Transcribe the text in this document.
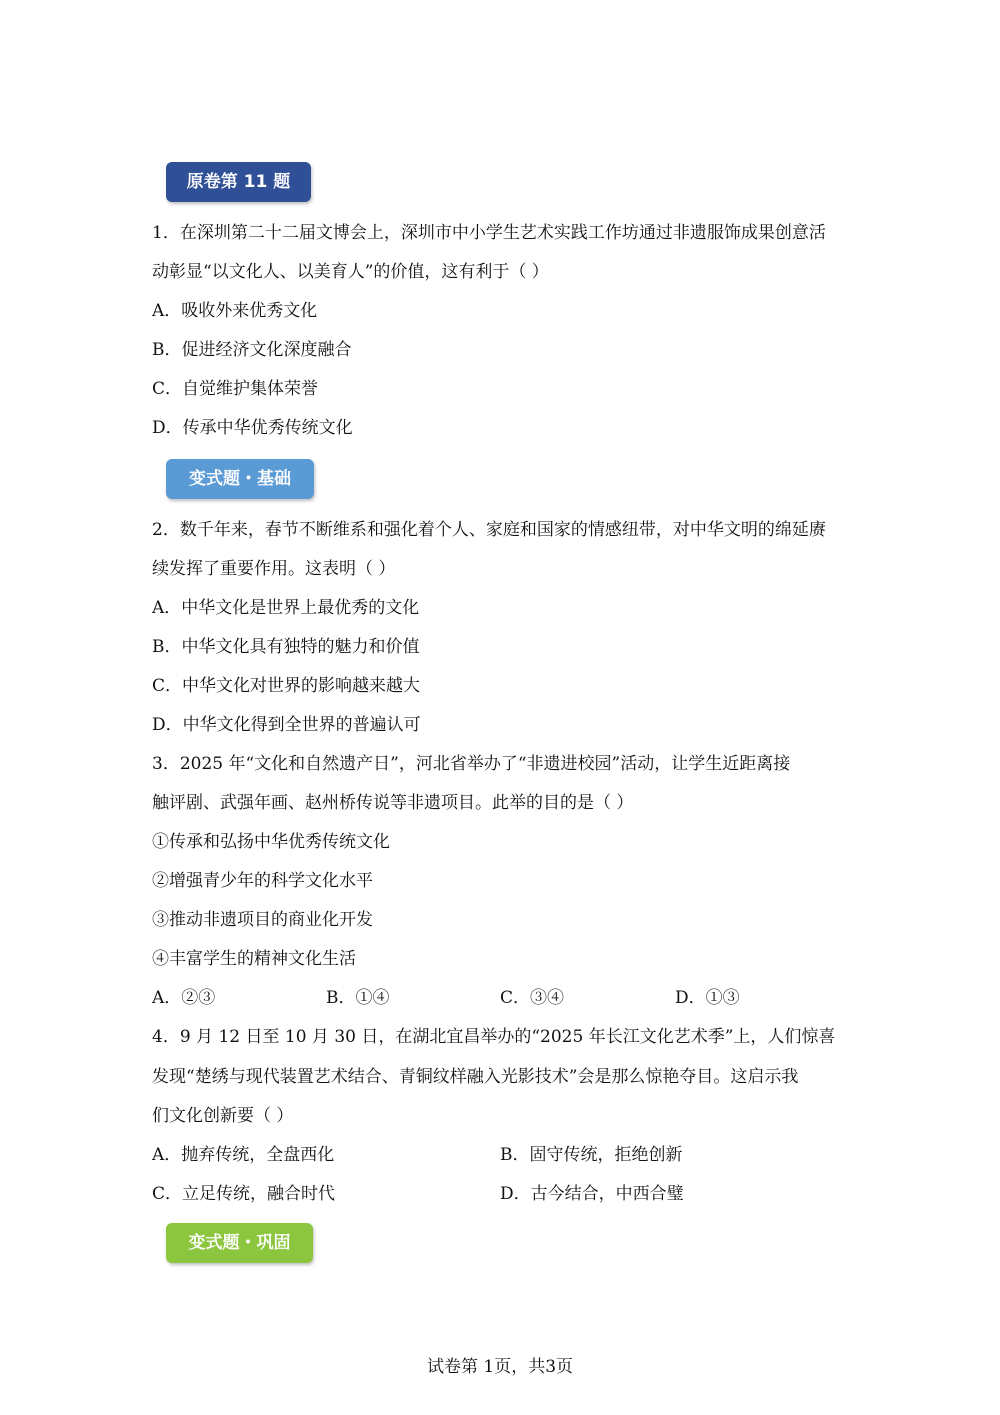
原卷第 11 题
1．在深圳第二十二届文博会上，深圳市中小学生艺术实践工作坊通过非遗服饰成果创意活
动彰显“以文化人、以美育人”的价值，这有利于（ ）
A．吸收外来优秀文化
B．促进经济文化深度融合
C．自觉维护集体荣誉
D．传承中华优秀传统文化
变式题・基础
2．数千年来，春节不断维系和强化着个人、家庭和国家的情感纽带，对中华文明的绵延赓
续发挥了重要作用。这表明（ ）
A．中华文化是世界上最优秀的文化
B．中华文化具有独特的魅力和价值
C．中华文化对世界的影响越来越大
D．中华文化得到全世界的普遍认可
3．2025 年“文化和自然遗产日”，河北省举办了“非遗进校园”活动，让学生近距离接
触评剧、武强年画、赵州桥传说等非遗项目。此举的目的是（ ）
①传承和弘扬中华优秀传统文化
②增强青少年的科学文化水平
③推动非遗项目的商业化开发
④丰富学生的精神文化生活
A．②③	B．①④	C．③④	D．①③
4．9 月 12 日至 10 月 30 日，在湖北宜昌举办的“2025 年长江文化艺术季”上，人们惊喜
发现“楚绣与现代装置艺术结合、青铜纹样融入光影技术”会是那么惊艳夺目。这启示我
们文化创新要（ ）
A．抛弃传统，全盘西化	B．固守传统，拒绝创新
C．立足传统，融合时代	D．古今结合，中西合璧
变式题・巩固
试卷第 1页，共3页
